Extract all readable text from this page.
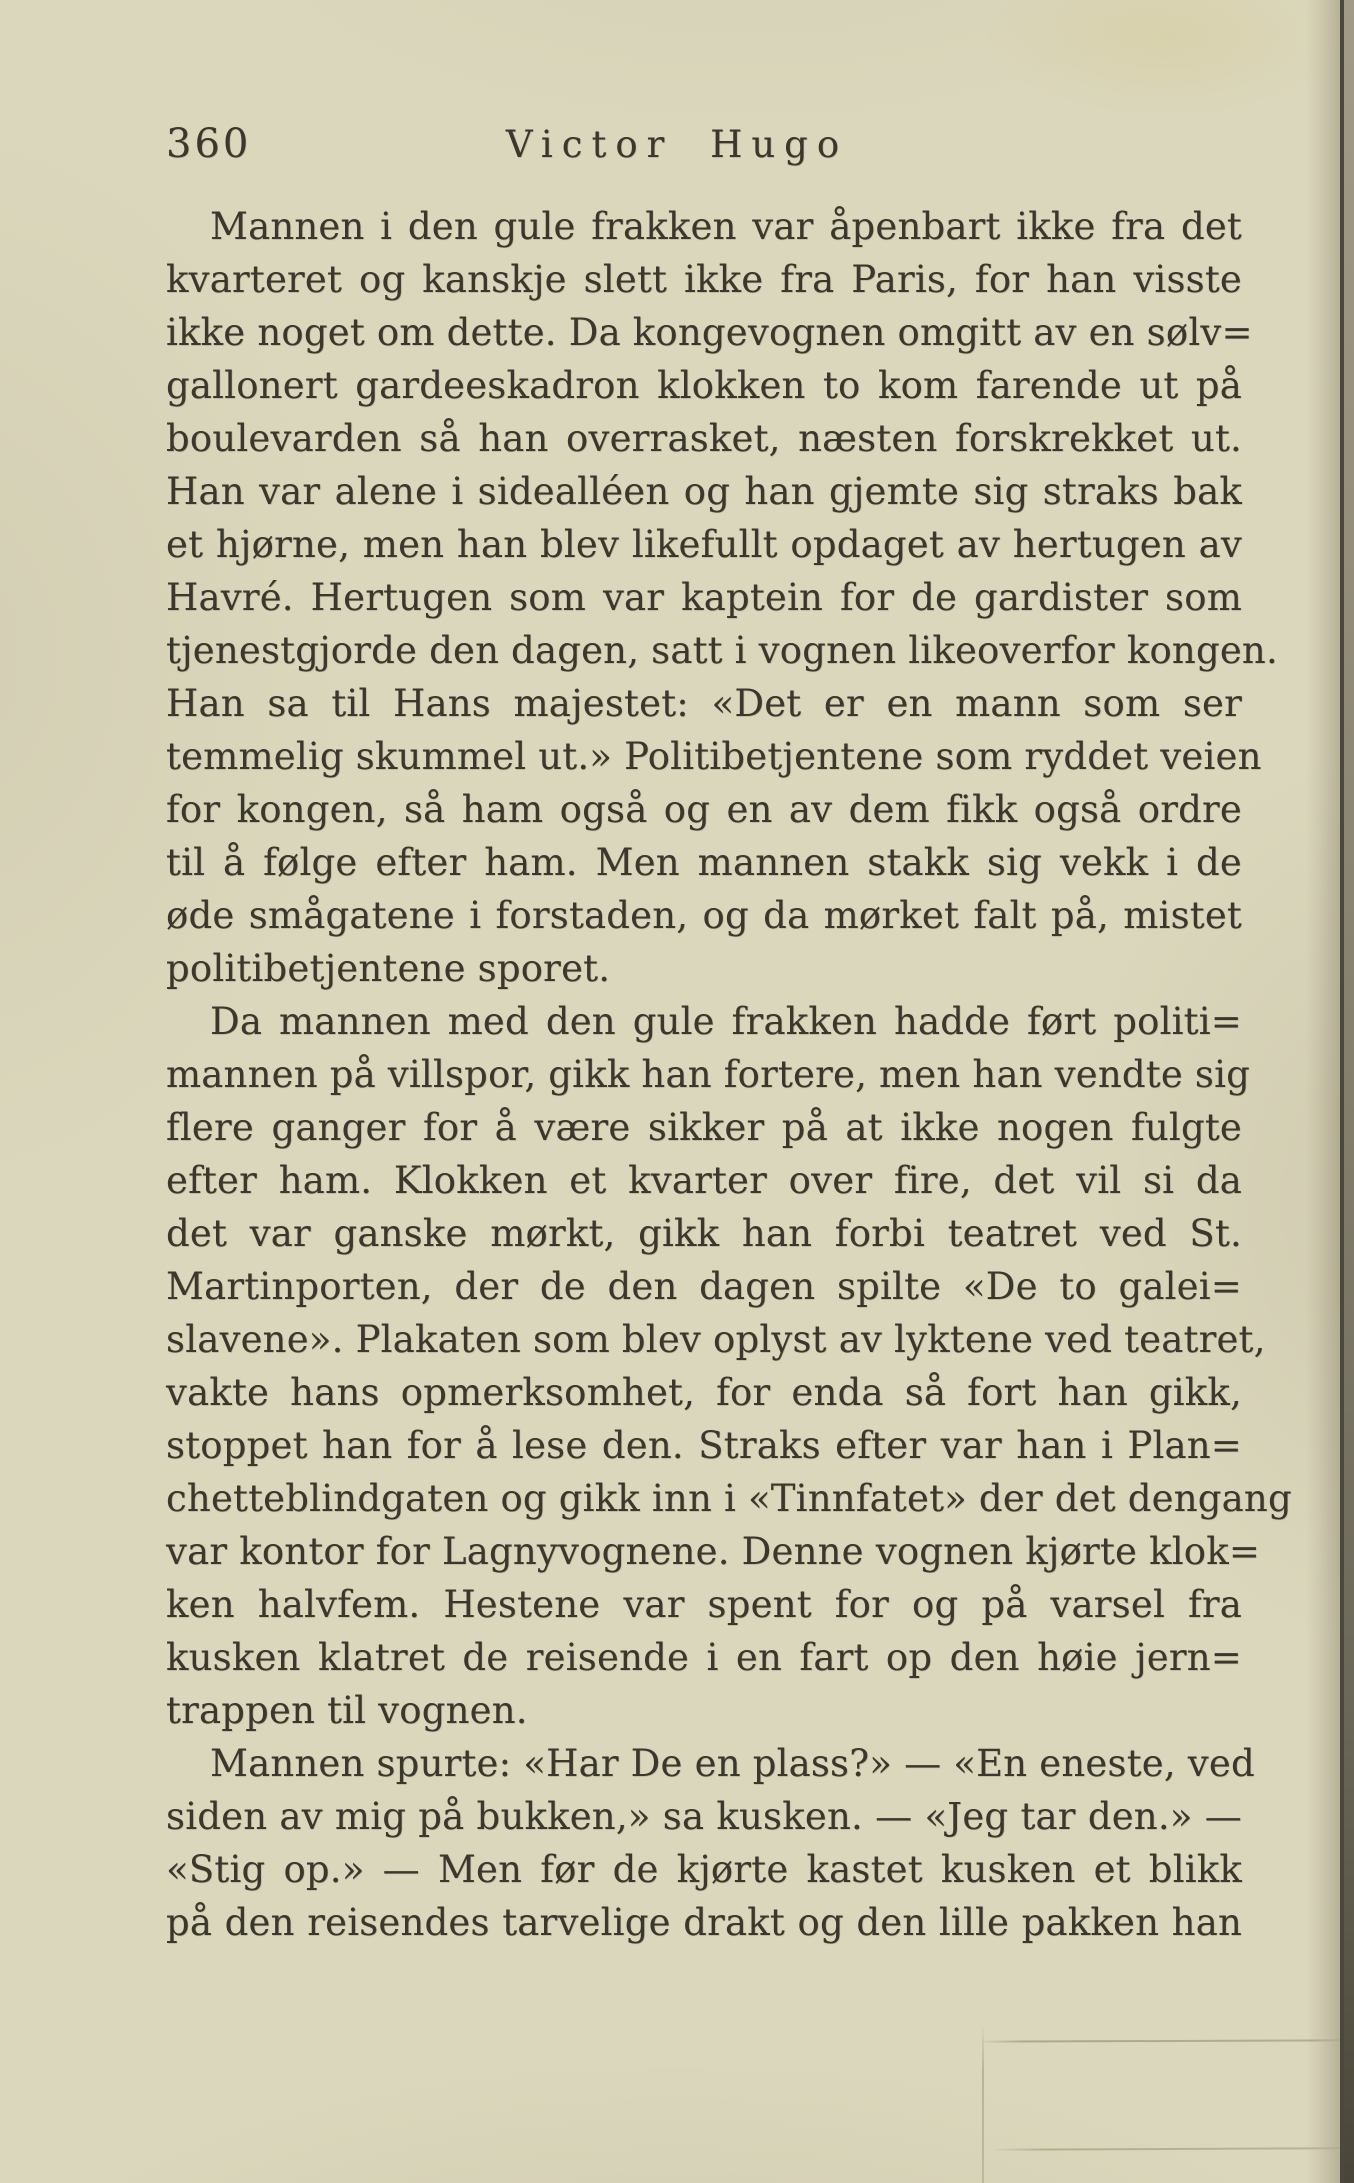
360	Victor Hugo
Mannen i den gule frakken var åpenbart ikke fra det
kvarteret og kanskje slett ikke fra Paris, for han visste
ikke noget om dette. Da kongevognen omgitt av en sølv=
gallonert gardeeskadron klokken to kom farende ut på
boulevarden så han overrasket, næsten forskrekket ut.
Han var alene i sidealléen og han gjemte sig straks bak
et hjørne, men han blev likefullt opdaget av hertugen av
Havré. Hertugen som var kaptein for de gardister som
tjenestgjorde den dagen, satt i vognen likeoverfor kongen.
Han sa til Hans majestet: «Det er en mann som ser
temmelig skummel ut.» Politibetjentene som ryddet veien
for kongen, så ham også og en av dem fikk også ordre
til å følge efter ham. Men mannen stakk sig vekk i de
øde smågatene i forstaden, og da mørket falt på, mistet
politibetjentene sporet.
Da mannen med den gule frakken hadde ført politi=
mannen på villspor, gikk han fortere, men han vendte sig
flere ganger for å være sikker på at ikke nogen fulgte
efter ham. Klokken et kvarter over fire, det vil si da
det var ganske mørkt, gikk han forbi teatret ved St.
Martinporten, der de den dagen spilte «De to galei=
slavene». Plakaten som blev oplyst av lyktene ved teatret,
vakte hans opmerksomhet, for enda så fort han gikk,
stoppet han for å lese den. Straks efter var han i Plan=
chetteblindgaten og gikk inn i «Tinnfatet» der det dengang
var kontor for Lagnyvognene. Denne vognen kjørte klok=
ken halvfem. Hestene var spent for og på varsel fra
kusken klatret de reisende i en fart op den høie jern=
trappen til vognen.
Mannen spurte: «Har De en plass?» — «En eneste, ved
siden av mig på bukken,» sa kusken. — «Jeg tar den.» —
«Stig op.» — Men før de kjørte kastet kusken et blikk
på den reisendes tarvelige drakt og den lille pakken han
